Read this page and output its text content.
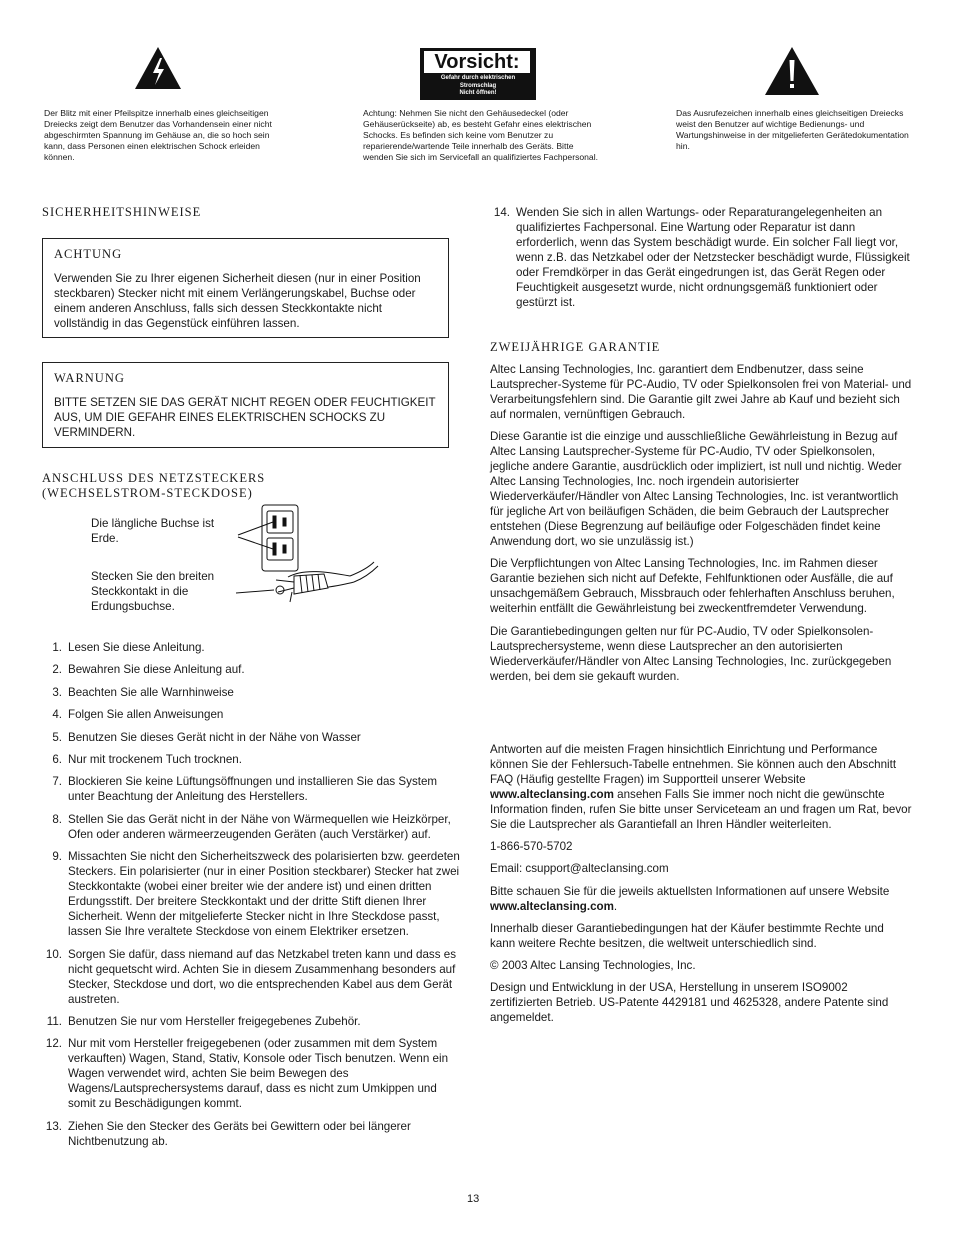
Vorsicht:
Gefahr durch elektrischen
Stromschlag
Nicht öffnen!

Der Blitz mit einer Pfeilspitze innerhalb eines gleichseitigen Dreiecks zeigt dem Benutzer das Vorhandensein einer nicht abgeschirmten Spannung im Gehäuse an, die so hoch sein kann, dass Personen einen elektrischen Schock erleiden können.

Achtung: Nehmen Sie nicht den Gehäusedeckel (oder Gehäuserückseite) ab, es besteht Gefahr eines elektrischen Schocks. Es befinden sich keine vom Benutzer zu reparierende/wartende Teile innerhalb des Geräts. Bitte wenden Sie sich im Servicefall an qualifiziertes Fachpersonal.

Das Ausrufezeichen innerhalb eines gleichseitigen Dreiecks weist den Benutzer auf wichtige Bedienungs- und Wartungshinweise in der mitgelieferten Gerätedokumentation hin.

SICHERHEITSHINWEISE
ACHTUNG

Verwenden Sie zu Ihrer eigenen Sicherheit diesen (nur in einer Position steckbaren) Stecker nicht mit einem Verlängerungskabel, Buchse oder einem anderen Anschluss, falls sich dessen Steckkontakte nicht vollständig in das Gegenstück einführen lassen.

WARNUNG

BITTE SETZEN SIE DAS GERÄT NICHT REGEN ODER FEUCHTIGKEIT AUS, UM DIE GEFAHR EINES ELEKTRISCHEN SCHOCKS ZU VERMINDERN.

ANSCHLUSS DES NETZSTECKERS
(WECHSELSTROM-STECKDOSE)

Die längliche Buchse ist Erde.

Stecken Sie den breiten Steckkontakt in die Erdungsbuchse.

1. Lesen Sie diese Anleitung.
2. Bewahren Sie diese Anleitung auf.
3. Beachten Sie alle Warnhinweise
4. Folgen Sie allen Anweisungen
5. Benutzen Sie dieses Gerät nicht in der Nähe von Wasser
6. Nur mit trockenem Tuch trocknen.
7. Blockieren Sie keine Lüftungsöffnungen und installieren Sie das System unter Beachtung der Anleitung des Herstellers.
8. Stellen Sie das Gerät nicht in der Nähe von Wärmequellen wie Heizkörper, Ofen oder anderen wärmeerzeugenden Geräten (auch Verstärker) auf.
9. Missachten Sie nicht den Sicherheitszweck des polarisierten bzw. geerdeten Steckers. Ein polarisierter (nur in einer Position steckbarer) Stecker hat zwei Steckkontakte (wobei einer breiter wie der andere ist) und einen dritten Erdungsstift. Der breitere Steckkontakt und der dritte Stift dienen Ihrer Sicherheit. Wenn der mitgelieferte Stecker nicht in Ihre Steckdose passt, lassen Sie Ihre veraltete Steckdose von einem Elektriker ersetzen.
10. Sorgen Sie dafür, dass niemand auf das Netzkabel treten kann und dass es nicht gequetscht wird. Achten Sie in diesem Zusammenhang besonders auf Stecker, Steckdose und dort, wo die entsprechenden Kabel aus dem Gerät austreten.
11. Benutzen Sie nur vom Hersteller freigegebenes Zubehör.
12. Nur mit vom Hersteller freigegebenen (oder zusammen mit dem System verkauften) Wagen, Stand, Stativ, Konsole oder Tisch benutzen. Wenn ein Wagen verwendet wird, achten Sie beim Bewegen des Wagens/Lautsprechersystems darauf, dass es nicht zum Umkippen und somit zu Beschädigungen kommt.
13. Ziehen Sie den Stecker des Geräts bei Gewittern oder bei längerer Nichtbenutzung ab.
14. Wenden Sie sich in allen Wartungs- oder Reparaturangelegenheiten an qualifiziertes Fachpersonal. Eine Wartung oder Reparatur ist dann erforderlich, wenn das System beschädigt wurde. Ein solcher Fall liegt vor, wenn z.B. das Netzkabel oder der Netzstecker beschädigt wurde, Flüssigkeit oder Fremdkörper in das Gerät eingedrungen ist, das Gerät Regen oder Feuchtigkeit ausgesetzt wurde, nicht ordnungsgemäß funktioniert oder gestürzt ist.
ZWEIJÄHRIGE GARANTIE

Altec Lansing Technologies, Inc. garantiert dem Endbenutzer, dass seine Lautsprecher-Systeme für PC-Audio, TV oder Spielkonsolen frei von Material- und Verarbeitungsfehlern sind. Die Garantie gilt zwei Jahre ab Kauf und bezieht sich auf normalen, vernünftigen Gebrauch.

Diese Garantie ist die einzige und ausschließliche Gewährleistung in Bezug auf Altec Lansing Lautsprecher-Systeme für PC-Audio, TV oder Spielkonsolen, jegliche andere Garantie, ausdrücklich oder impliziert, ist null und nichtig. Weder Altec Lansing Technologies, Inc. noch irgendein autorisierter Wiederverkäufer/Händler von Altec Lansing Technologies, Inc. ist verantwortlich für jegliche Art von beiläufigen Schäden, die beim Gebrauch der Lautsprecher entstehen (Diese Begrenzung auf beiläufige oder Folgeschäden findet keine Anwendung dort, wo sie unzulässig ist.)

Die Verpflichtungen von Altec Lansing Technologies, Inc. im Rahmen dieser Garantie beziehen sich nicht auf Defekte, Fehlfunktionen oder Ausfälle, die auf unsachgemäßem Gebrauch, Missbrauch oder fehlerhaften Anschluss beruhen, weiterhin entfällt die Gewährleistung bei zweckentfremdeter Verwendung.

Die Garantiebedingungen gelten nur für PC-Audio, TV oder Spielkonsolen-Lautsprechersysteme, wenn diese Lautsprecher an den autorisierten Wiederverkäufer/Händler von Altec Lansing Technologies, Inc. zurückgegeben werden, bei dem sie gekauft wurden.

Antworten auf die meisten Fragen hinsichtlich Einrichtung und Performance können Sie der Fehlersuch-Tabelle entnehmen. Sie können auch den Abschnitt FAQ (Häufig gestellte Fragen) im Supportteil unserer Website www.altecIansing.com ansehen Falls Sie immer noch nicht die gewünschte Information finden, rufen Sie bitte unser Serviceteam an und fragen um Rat, bevor Sie die Lautsprecher als Garantiefall an Ihren Händler weiterleiten.

1-866-570-5702

Email: csupport@altecIansing.com

Bitte schauen Sie für die jeweils aktuellsten Informationen auf unsere Website www.altecIansing.com.

Innerhalb dieser Garantiebedingungen hat der Käufer bestimmte Rechte und kann weitere Rechte besitzen, die weltweit unterschiedlich sind.

© 2003 Altec Lansing Technologies, Inc.

Design und Entwicklung in der USA, Herstellung in unserem ISO9002 zertifizierten Betrieb. US-Patente 4429181 und 4625328, andere Patente sind angemeldet.

13
